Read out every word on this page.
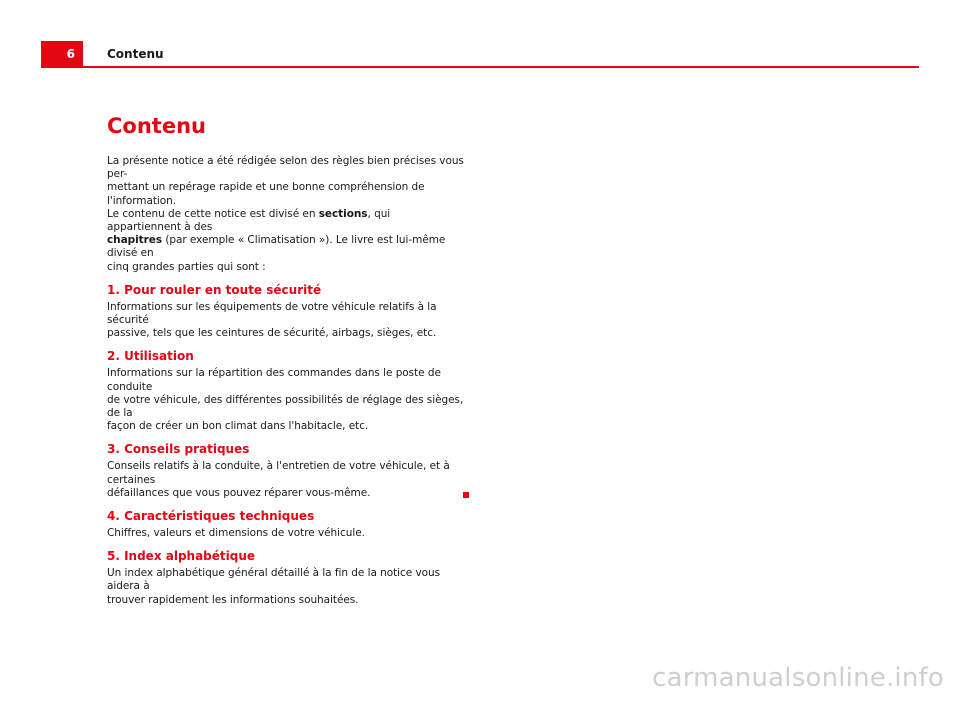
6	Contenu
Contenu

La présente notice a été rédigée selon des règles bien précises vous per-
mettant un repérage rapide et une bonne compréhension de l'information.
Le contenu de cette notice est divisé en sections, qui appartiennent à des
chapitres (par exemple « Climatisation »). Le livre est lui-même divisé en
cinq grandes parties qui sont :

1. Pour rouler en toute sécurité

Informations sur les équipements de votre véhicule relatifs à la sécurité
passive, tels que les ceintures de sécurité, airbags, sièges, etc.

2. Utilisation

Informations sur la répartition des commandes dans le poste de conduite
de votre véhicule, des différentes possibilités de réglage des sièges, de la
façon de créer un bon climat dans l'habitacle, etc.

3. Conseils pratiques

Conseils relatifs à la conduite, à l'entretien de votre véhicule, et à certaines
défaillances que vous pouvez réparer vous-même.

4. Caractéristiques techniques

Chiffres, valeurs et dimensions de votre véhicule.

5. Index alphabétique

Un index alphabétique général détaillé à la fin de la notice vous aidera à
trouver rapidement les informations souhaitées.

carmanualsonline.info
